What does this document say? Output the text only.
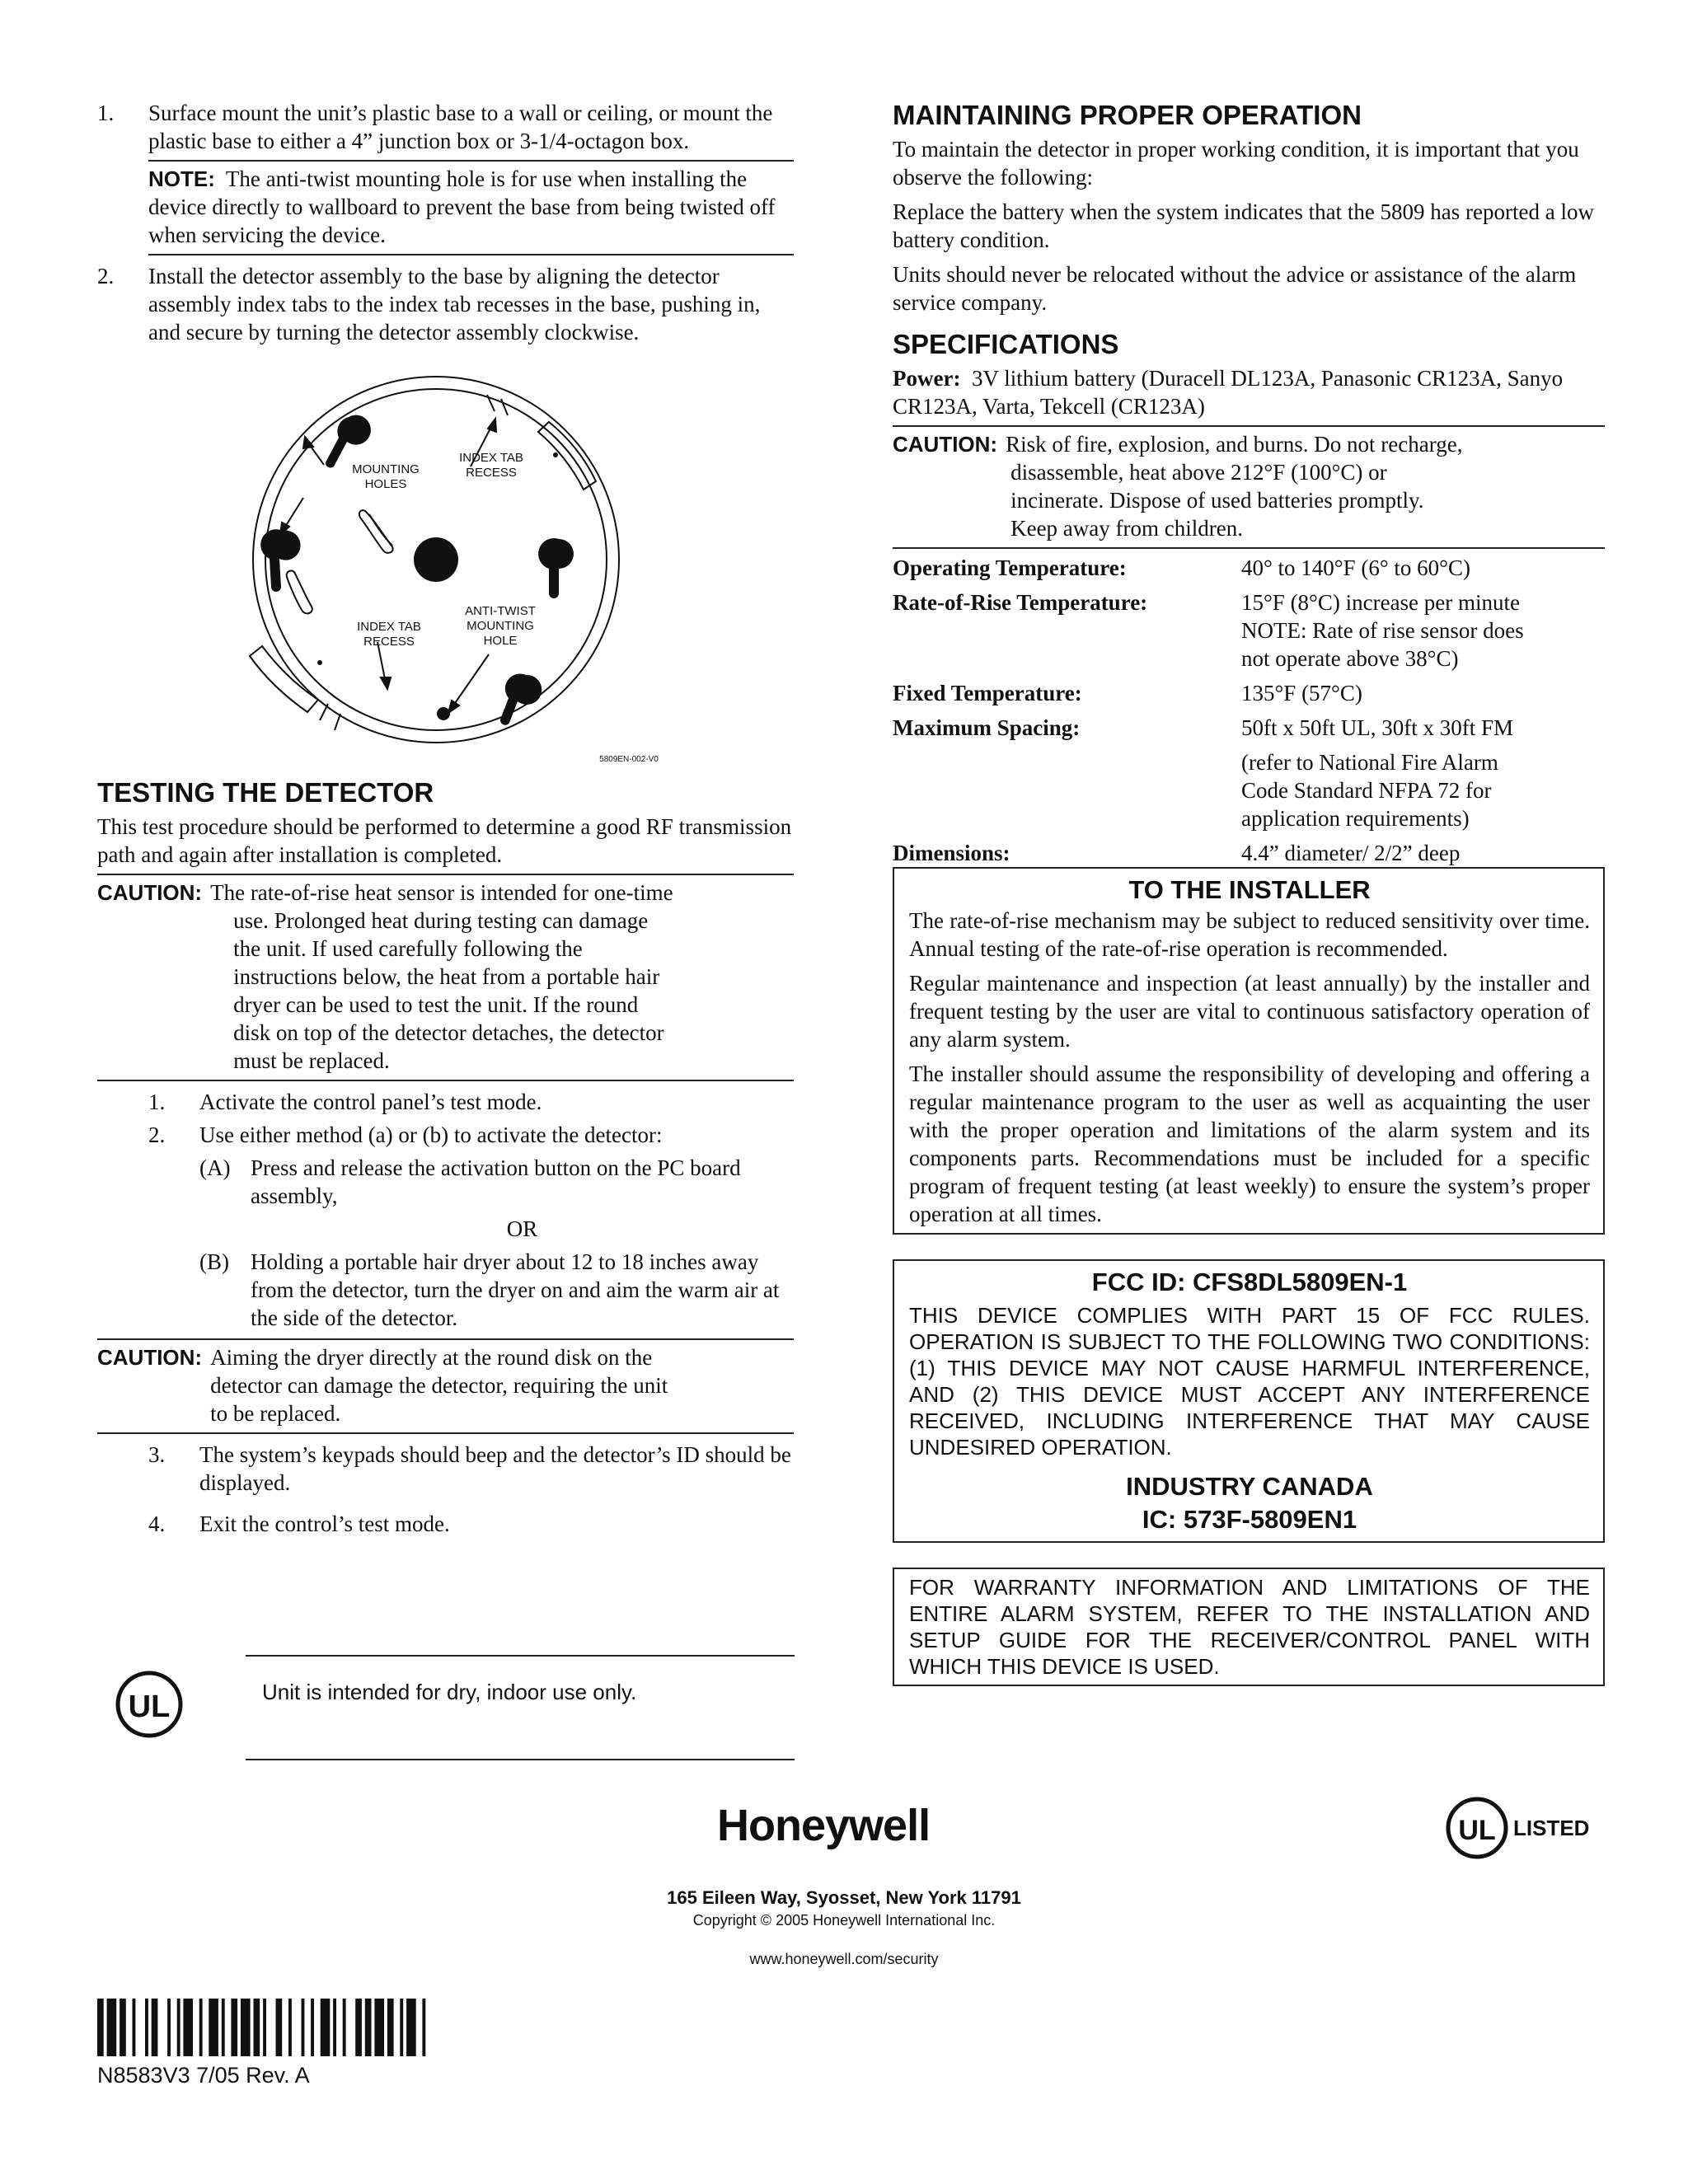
1.	Surface mount the unit’s plastic base to a wall or ceiling, or mount the plastic base to either a 4” junction box or 3-1/4-octagon box.

NOTE: The anti-twist mounting hole is for use when installing the device directly to wallboard to prevent the base from being twisted off when servicing the device.

2.	Install the detector assembly to the base by aligning the detector assembly index tabs to the index tab recesses in the base, pushing in, and secure by turning the detector assembly clockwise.
MOUNTING
HOLES
INDEX TAB
RECESS
INDEX TAB
RECESS
ANTI-TWIST
MOUNTING
HOLE
5809EN-002-V0
TESTING THE DETECTOR

This test procedure should be performed to determine a good RF transmission path and again after installation is completed.

CAUTION: The rate-of-rise heat sensor is intended for one-time
use. Prolonged heat during testing can damage
the unit. If used carefully following the
instructions below, the heat from a portable hair
dryer can be used to test the unit. If the round
disk on top of the detector detaches, the detector
must be replaced.
1.	Activate the control panel’s test mode.
2.	Use either method (a) or (b) to activate the detector:
(A) Press and release the activation button on the PC board assembly,

OR

(B) Holding a portable hair dryer about 12 to 18 inches away from the detector, turn the dryer on and aim the warm air at the side of the detector.
CAUTION: Aiming the dryer directly at the round disk on the
detector can damage the detector, requiring the unit
to be replaced.
3.	The system’s keypads should beep and the detector’s ID should be displayed.
4.	Exit the control’s test mode.
UL	Unit is intended for dry, indoor use only.
MAINTAINING PROPER OPERATION

To maintain the detector in proper working condition, it is important that you observe the following:

Replace the battery when the system indicates that the 5809 has reported a low battery condition.

Units should never be relocated without the advice or assistance of the alarm service company.

SPECIFICATIONS

Power: 3V lithium battery (Duracell DL123A, Panasonic CR123A, Sanyo CR123A, Varta, Tekcell (CR123A)

CAUTION: Risk of fire, explosion, and burns. Do not recharge,
disassemble, heat above 212°F (100°C) or
incinerate. Dispose of used batteries promptly.
Keep away from children.
Operating Temperature:	40° to 140°F (6° to 60°C)
Rate-of-Rise Temperature:	15°F (8°C) increase per minute
NOTE: Rate of rise sensor does
not operate above 38°C)
Fixed Temperature:	135°F (57°C)
Maximum Spacing:	50ft x 50ft UL, 30ft x 30ft FM
(refer to National Fire Alarm
Code Standard NFPA 72 for
application requirements)
Dimensions:	4.4” diameter/ 2/2” deep
TO THE INSTALLER

The rate-of-rise mechanism may be subject to reduced sensitivity over time. Annual testing of the rate-of-rise operation is recommended.

Regular maintenance and inspection (at least annually) by the installer and frequent testing by the user are vital to continuous satisfactory operation of any alarm system.

The installer should assume the responsibility of developing and offering a regular maintenance program to the user as well as acquainting the user with the proper operation and limitations of the alarm system and its components parts. Recommendations must be included for a specific program of frequent testing (at least weekly) to ensure the system’s proper operation at all times.

FCC ID: CFS8DL5809EN-1
THIS DEVICE COMPLIES WITH PART 15 OF FCC RULES. OPERATION IS SUBJECT TO THE FOLLOWING TWO CONDITIONS: (1) THIS DEVICE MAY NOT CAUSE HARMFUL INTERFERENCE, AND (2) THIS DEVICE MUST ACCEPT ANY INTERFERENCE RECEIVED, INCLUDING INTERFERENCE THAT MAY CAUSE UNDESIRED OPERATION.
INDUSTRY CANADA
IC: 573F-5809EN1
FOR WARRANTY INFORMATION AND LIMITATIONS OF THE ENTIRE ALARM SYSTEM, REFER TO THE INSTALLATION AND SETUP GUIDE FOR THE RECEIVER/CONTROL PANEL WITH WHICH THIS DEVICE IS USED.
Honeywell	UL LISTED
165 Eileen Way, Syosset, New York 11791
Copyright © 2005 Honeywell International Inc.
www.honeywell.com/security
N8583V3 7/05 Rev. A
